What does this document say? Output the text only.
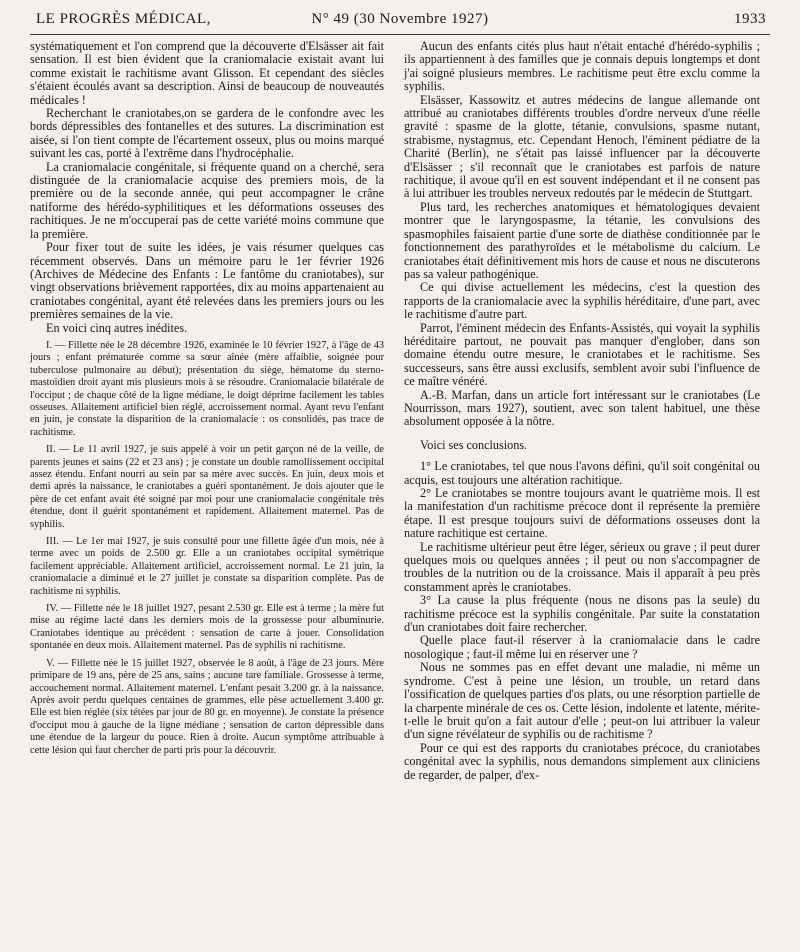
LE PROGRÈS MÉDICAL,	N° 49 (30 Novembre 1927)	1933

systématiquement et l'on comprend que la découverte d'Elsässer ait fait sensation. Il est bien évident que la craniomalacie existait avant lui comme existait le rachitisme avant Glisson. Et cependant des siècles s'étaient écoulés avant sa description. Ainsi de beaucoup de nouveautés médicales !

Recherchant le craniotabes,on se gardera de le confondre avec les bords dépressibles des fontanelles et des sutures. La discrimination est aisée, si l'on tient compte de l'écartement osseux, plus ou moins marqué suivant les cas, porté à l'extrême dans l'hydrocéphalie.

La craniomalacie congénitale, si fréquente quand on a cherché, sera distinguée de la craniomalacie acquise des premiers mois, de la première ou de la seconde année, qui peut accompagner le crâne natiforme des hérédo-syphilitiques et les déformations osseuses des rachitiques. Je ne m'occuperai pas de cette variété moins commune que la première.

Pour fixer tout de suite les idées, je vais résumer quelques cas récemment observés. Dans un mémoire paru le 1er février 1926 (Archives de Médecine des Enfants : Le fantôme du craniotabes), sur vingt observations brièvement rapportées, dix au moins appartenaient au craniotabes congénital, ayant été relevées dans les premiers jours ou les premières semaines de la vie.

En voici cinq autres inédites.

I. — Fillette née le 28 décembre 1926, examinée le 10 février 1927, à l'âge de 43 jours ; enfant prématurée comme sa sœur aînée (mère affaiblie, soignée pour tuberculose pulmonaire au début); présentation du siège, hématome du sterno-mastoïdien droit ayant mis plusieurs mois à se résoudre. Craniomalacie bilatérale de l'occiput ; de chaque côté de la ligne médiane, le doigt déprime facilement les tables osseuses. Allaitement artificiel bien réglé, accroissement normal. Ayant revu l'enfant en juin, je constate la disparition de la craniomalacie : os consolidés, pas trace de rachitisme.

II. — Le 11 avril 1927, je suis appelé à voir un petit garçon né de la veille, de parents jeunes et sains (22 et 23 ans) ; je constate un double ramollissement occipital assez étendu. Enfant nourri au sein par sa mère avec succès. En juin, deux mois et demi après la naissance, le craniotabes a guéri spontanément. Je dois ajouter que le père de cet enfant avait été soigné par moi pour une craniomalacie congénitale très étendue, dont il guérit spontanément et rapidement. Allaitement maternel. Pas de syphilis.

III. — Le 1er mai 1927, je suis consulté pour une fillette âgée d'un mois, née à terme avec un poids de 2.500 gr. Elle a un craniotabes occipital symétrique facilement appréciable. Allaitement artificiel, accroissement normal. Le 21 juin, la craniomalacie a diminué et le 27 juillet je constate sa disparition complète. Pas de rachitisme ni syphilis.

IV. — Fillette née le 18 juillet 1927, pesant 2.530 gr. Elle est à terme ; la mère fut mise au régime lacté dans les derniers mois de la grossesse pour albuminurie. Craniotabes identique au précédent : sensation de carte à jouer. Consolidation spontanée en deux mois. Allaitement maternel. Pas de syphilis ni rachitisme.

V. — Fillette née le 15 juillet 1927, observée le 8 août, à l'âge de 23 jours. Mère primipare de 19 ans, père de 25 ans, sains ; aucune tare familiale. Grossesse à terme, accouchement normal. Allaitement maternel. L'enfant pesait 3.200 gr. à la naissance. Après avoir perdu quelques centaines de grammes, elle pèse actuellement 3.400 gr. Elle est bien réglée (six tétées par jour de 80 gr. en moyenne). Je constate la présence d'occiput mou à gauche de la ligne médiane ; sensation de carton dépressible dans une étendue de la largeur du pouce. Rien à droite. Aucun symptôme attribuable à cette lésion qui faut chercher de parti pris pour la découvrir.

Aucun des enfants cités plus haut n'était entaché d'hérédo-syphilis ; ils appartiennent à des familles que je connais depuis longtemps et dont j'ai soigné plusieurs membres. Le rachitisme peut être exclu comme la syphilis.

Elsässer, Kassowitz et autres médecins de langue allemande ont attribué au craniotabes différents troubles d'ordre nerveux d'une réelle gravité : spasme de la glotte, tétanie, convulsions, spasme nutant, strabisme, nystagmus, etc. Cependant Henoch, l'éminent pédiatre de la Charité (Berlin), ne s'était pas laissé influencer par la découverte d'Elsässer ; s'il reconnaît que le craniotabes est parfois de nature rachitique, il avoue qu'il en est souvent indépendant et il ne consent pas à lui attribuer les troubles nerveux redoutés par le médecin de Stuttgart.

Plus tard, les recherches anatomiques et hématologiques devaient montrer que le laryngospasme, la tétanie, les convulsions des spasmophiles faisaient partie d'une sorte de diathèse conditionnée par le fonctionnement des parathyroïdes et le métabolisme du calcium. Le craniotabes était définitivement mis hors de cause et nous ne discuterons pas sa valeur pathogénique.

Ce qui divise actuellement les médecins, c'est la question des rapports de la craniomalacie avec la syphilis héréditaire, d'une part, avec le rachitisme d'autre part.

Parrot, l'éminent médecin des Enfants-Assistés, qui voyait la syphilis héréditaire partout, ne pouvait pas manquer d'englober, dans son domaine étendu outre mesure, le craniotabes et le rachitisme. Ses successeurs, sans être aussi exclusifs, semblent avoir subi l'influence de ce maître vénéré.

A.-B. Marfan, dans un article fort intéressant sur le craniotabes (Le Nourrisson, mars 1927), soutient, avec son talent habituel, une thèse absolument opposée à la nôtre.

Voici ses conclusions.

1° Le craniotabes, tel que nous l'avons défini, qu'il soit congénital ou acquis, est toujours une altération rachitique.

2° Le craniotabes se montre toujours avant le quatrième mois. Il est la manifestation d'un rachitisme précoce dont il représente la première étape. Il est presque toujours suivi de déformations osseuses dont la nature rachitique est certaine.

Le rachitisme ultérieur peut être léger, sérieux ou grave ; il peut durer quelques mois ou quelques années ; il peut ou non s'accompagner de troubles de la nutrition ou de la croissance. Mais il apparaît à peu près constamment après le craniotabes.

3° La cause la plus fréquente (nous ne disons pas la seule) du rachitisme précoce est la syphilis congénitale. Par suite la constatation d'un craniotabes doit faire rechercher.

Quelle place faut-il réserver à la craniomalacie dans le cadre nosologique ; faut-il même lui en réserver une ?

Nous ne sommes pas en effet devant une maladie, ni même un syndrome. C'est à peine une lésion, un trouble, un retard dans l'ossification de quelques parties d'os plats, ou une résorption partielle de la charpente minérale de ces os. Cette lésion, indolente et latente, mérite-t-elle le bruit qu'on a fait autour d'elle ; peut-on lui attribuer la valeur d'un signe révélateur de syphilis ou de rachitisme ?

Pour ce qui est des rapports du craniotabes précoce, du craniotabes congénital avec la syphilis, nous demandons simplement aux cliniciens de regarder, de palper, d'ex-
